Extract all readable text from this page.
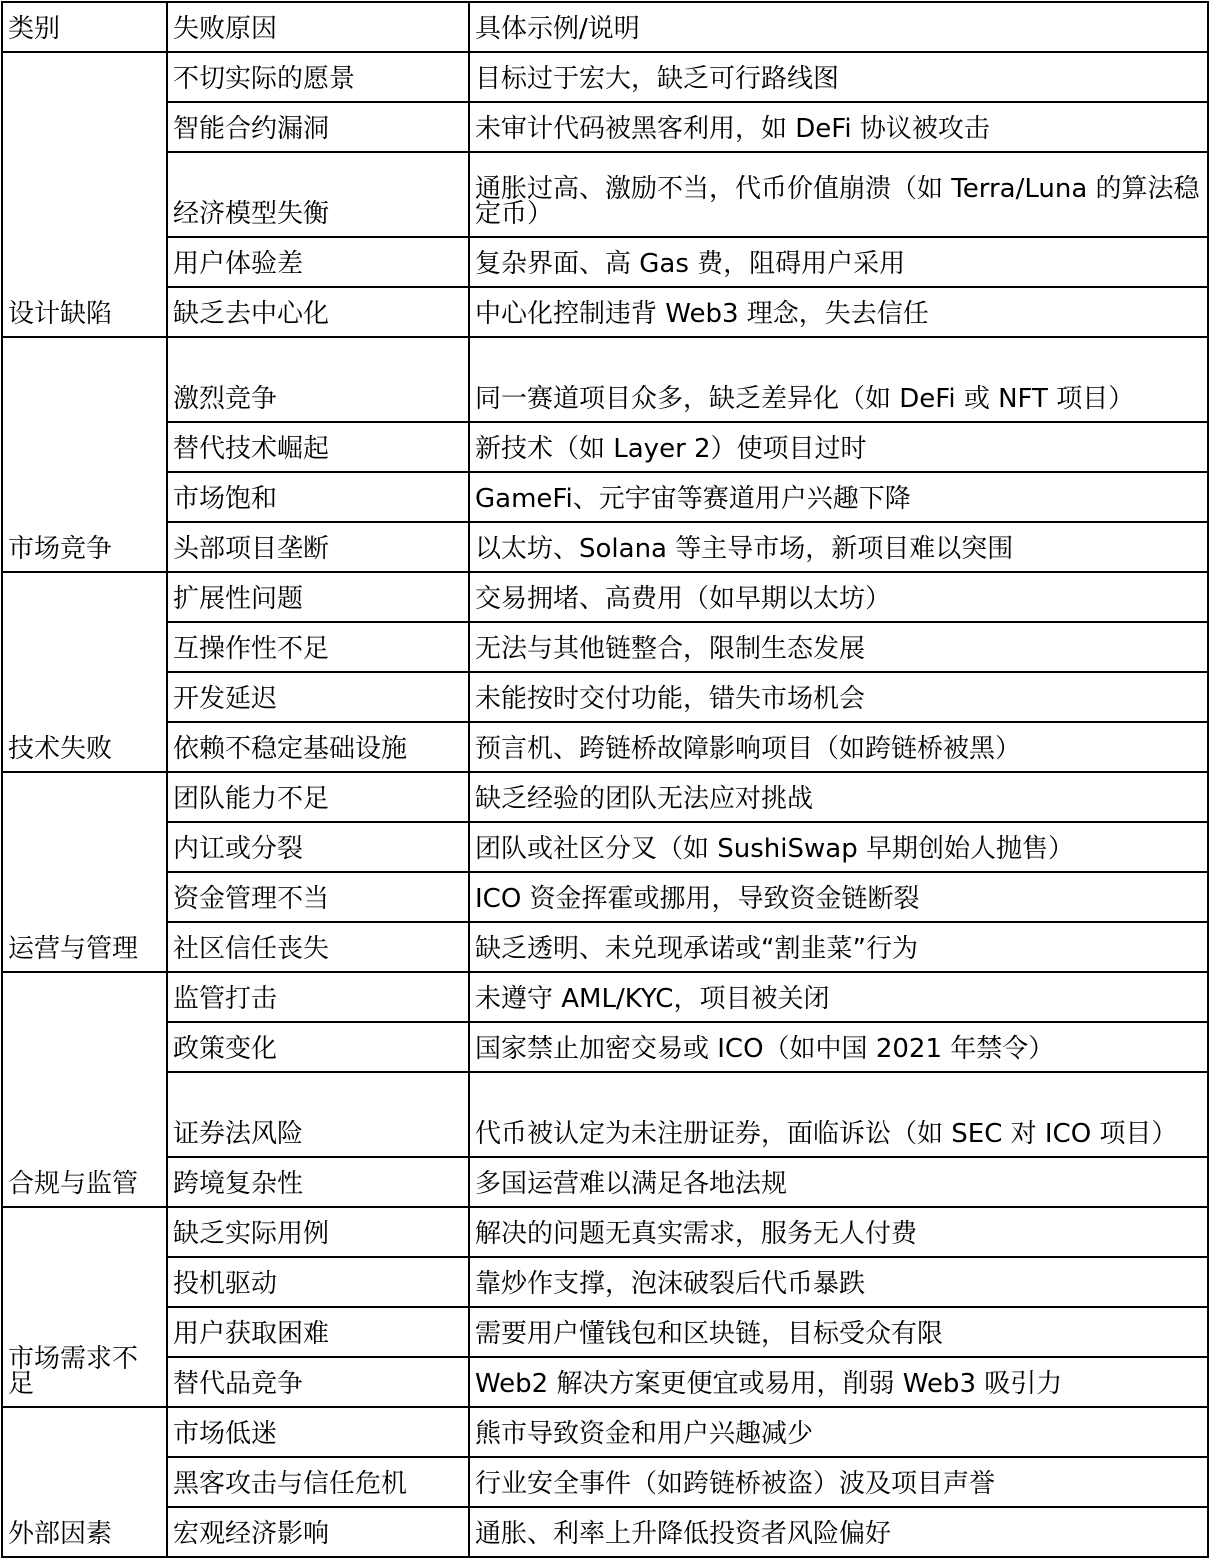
类别	失败原因	具体示例/说明
设计缺陷	不切实际的愿景	目标过于宏大，缺乏可行路线图
	智能合约漏洞	未审计代码被黑客利用，如 DeFi 协议被攻击
	经济模型失衡	通胀过高、激励不当，代币价值崩溃（如 Terra/Luna 的算法稳定币）
	用户体验差	复杂界面、高 Gas 费，阻碍用户采用
	缺乏去中心化	中心化控制违背 Web3 理念，失去信任
市场竞争	激烈竞争	同一赛道项目众多，缺乏差异化（如 DeFi 或 NFT 项目）
	替代技术崛起	新技术（如 Layer 2）使项目过时
	市场饱和	GameFi、元宇宙等赛道用户兴趣下降
	头部项目垄断	以太坊、Solana 等主导市场，新项目难以突围
技术失败	扩展性问题	交易拥堵、高费用（如早期以太坊）
	互操作性不足	无法与其他链整合，限制生态发展
	开发延迟	未能按时交付功能，错失市场机会
	依赖不稳定基础设施	预言机、跨链桥故障影响项目（如跨链桥被黑）
运营与管理	团队能力不足	缺乏经验的团队无法应对挑战
	内讧或分裂	团队或社区分叉（如 SushiSwap 早期创始人抛售）
	资金管理不当	ICO 资金挥霍或挪用，导致资金链断裂
	社区信任丧失	缺乏透明、未兑现承诺或“割韭菜”行为
合规与监管	监管打击	未遵守 AML/KYC，项目被关闭
	政策变化	国家禁止加密交易或 ICO（如中国 2021 年禁令）
	证券法风险	代币被认定为未注册证券，面临诉讼（如 SEC 对 ICO 项目）
	跨境复杂性	多国运营难以满足各地法规
市场需求不足	缺乏实际用例	解决的问题无真实需求，服务无人付费
	投机驱动	靠炒作支撑，泡沫破裂后代币暴跌
	用户获取困难	需要用户懂钱包和区块链，目标受众有限
	替代品竞争	Web2 解决方案更便宜或易用，削弱 Web3 吸引力
外部因素	市场低迷	熊市导致资金和用户兴趣减少
	黑客攻击与信任危机	行业安全事件（如跨链桥被盗）波及项目声誉
	宏观经济影响	通胀、利率上升降低投资者风险偏好
